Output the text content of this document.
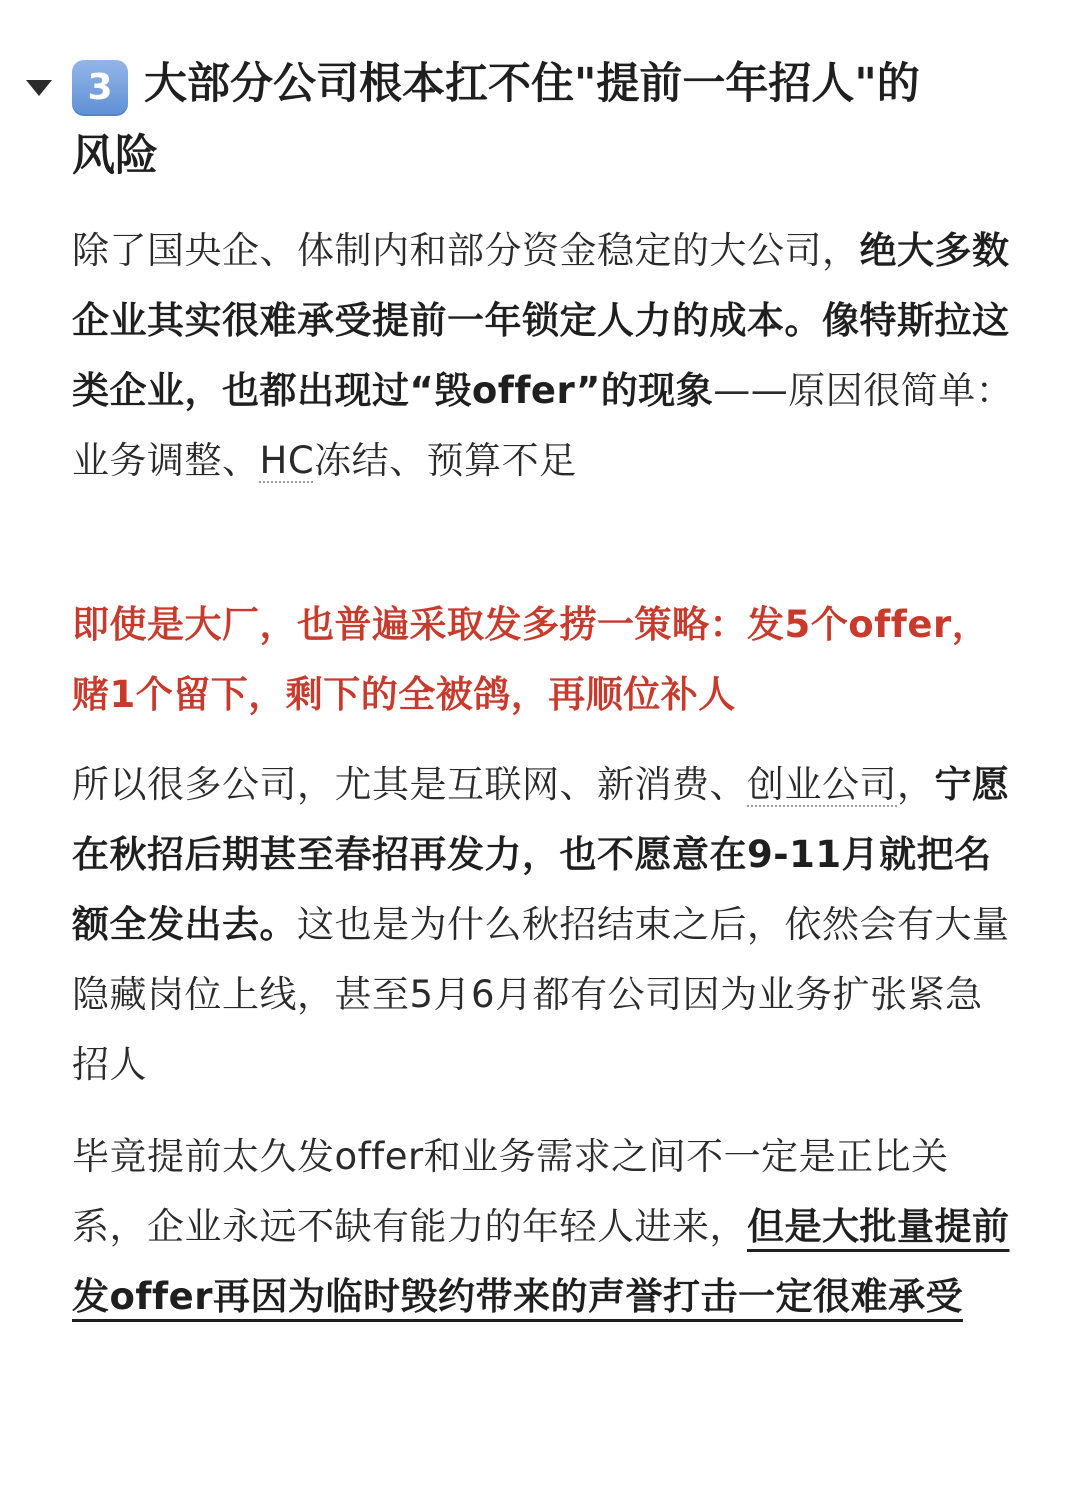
3 大部分公司根本扛不住"提前一年招人"的风险

除了国央企、体制内和部分资金稳定的大公司，绝大多数企业其实很难承受提前一年锁定人力的成本。像特斯拉这类企业，也都出现过“毁offer”的现象——原因很简单：业务调整、HC冻结、预算不足

即使是大厂，也普遍采取发多捞一策略：发5个offer，赌1个留下，剩下的全被鸽，再顺位补人

所以很多公司，尤其是互联网、新消费、创业公司，宁愿在秋招后期甚至春招再发力，也不愿意在9-11月就把名额全发出去。这也是为什么秋招结束之后，依然会有大量隐藏岗位上线，甚至5月6月都有公司因为业务扩张紧急招人

毕竟提前太久发offer和业务需求之间不一定是正比关系，企业永远不缺有能力的年轻人进来，但是大批量提前发offer再因为临时毁约带来的声誉打击一定很难承受
